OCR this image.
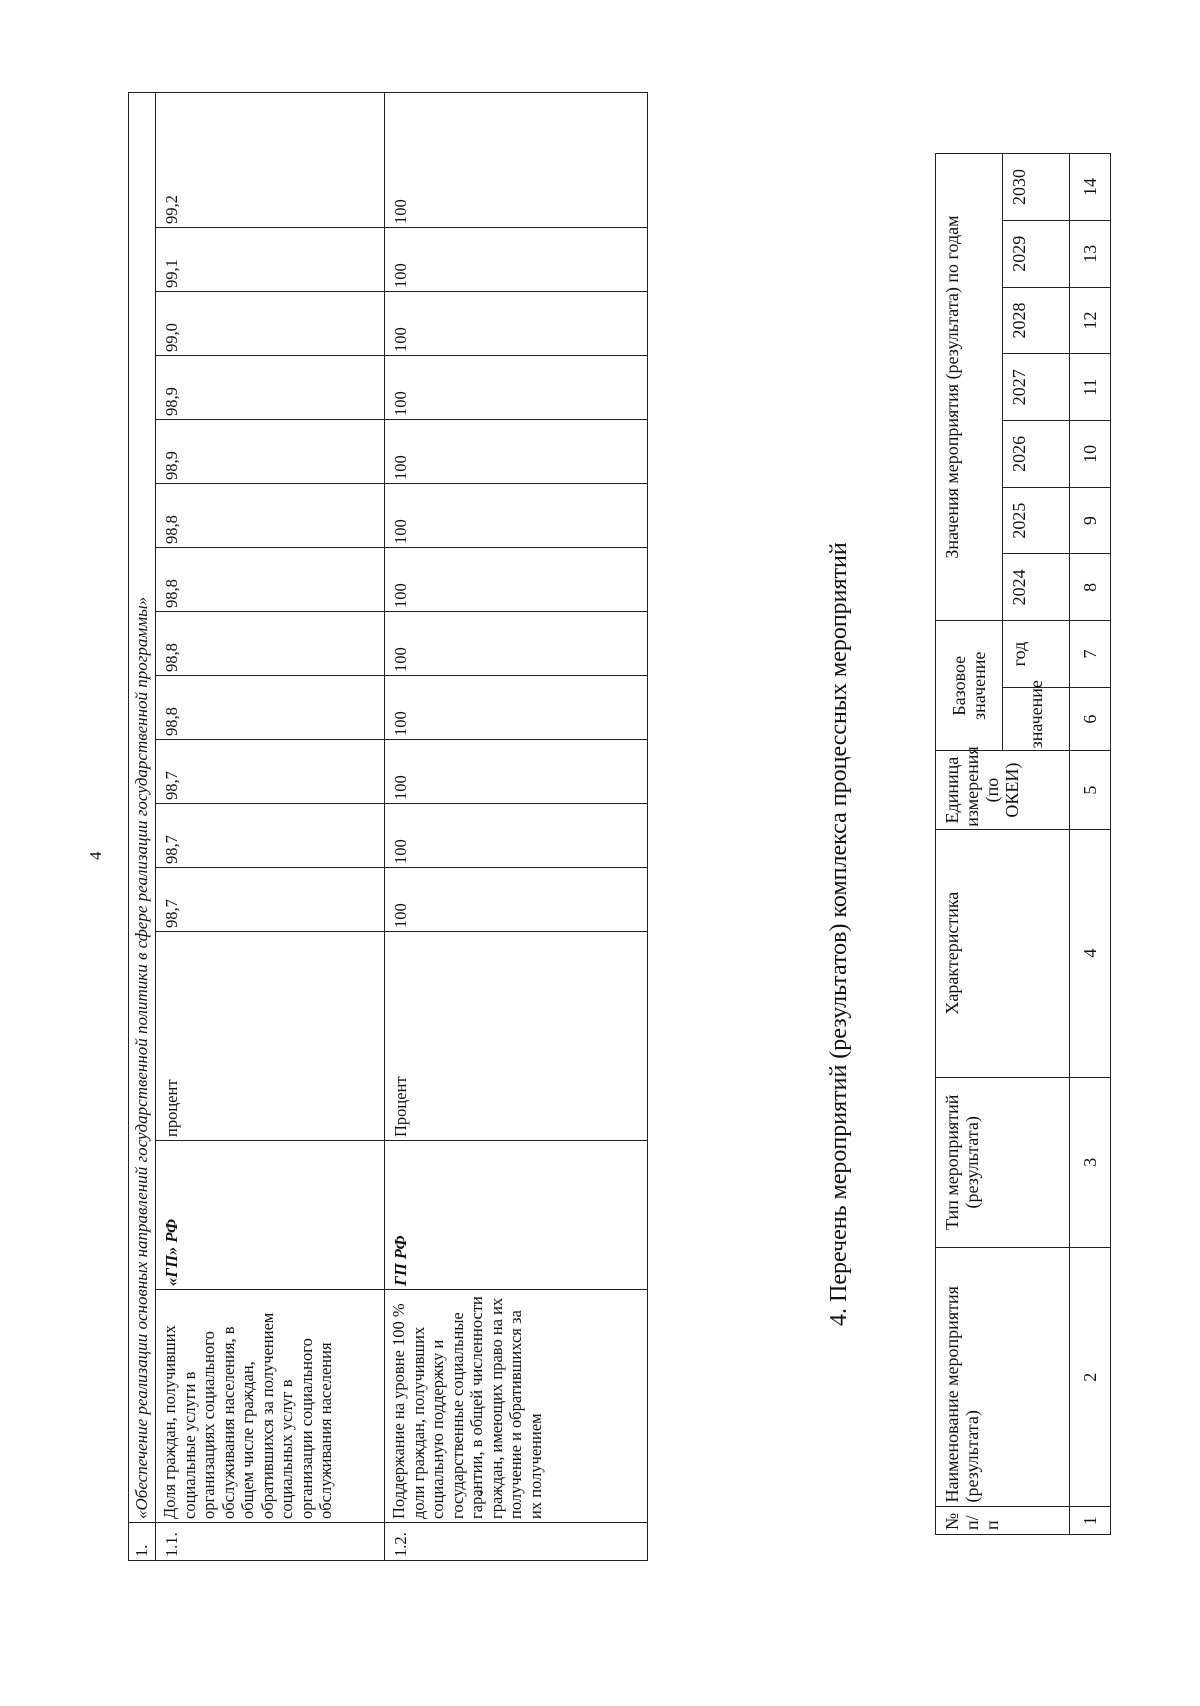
4
1.	«Обеспечение реализации основных направлений государственной политики в сфере реализации государственной программы»														
1.1.	Доля граждан, получивших социальные услуги в организациях социального обслуживания населения, в общем числе граждан, обратившихся за получением социальных услуг в организации социального обслуживания населения	«ГП» РФ	процент	98,7	98,7	98,7	98,8	98,8	98,8	98,8	98,9	98,9	99,0	99,1	99,2
1.2.	Поддержание на уровне 100 % доли граждан, получивших социальную поддержку и государственные социальные гарантии, в общей численности граждан, имеющих право на их получение и обратившихся за их получением	ГП РФ	Процент	100	100	100	100	100	100	100	100	100	100	100	100
4. Перечень мероприятий (результатов) комплекса процессных мероприятий
№ п/п	Наименование мероприятия (результата)	Тип мероприятий (результата)	Характеристика	Единица измерения (по ОКЕИ)	Базовое значение		Значения мероприятия (результата) по годам						
					значение	год	2024	2025	2026	2027	2028	2029	2030
1	2	3	4	5	6	7	8	9	10	11	12	13	14
